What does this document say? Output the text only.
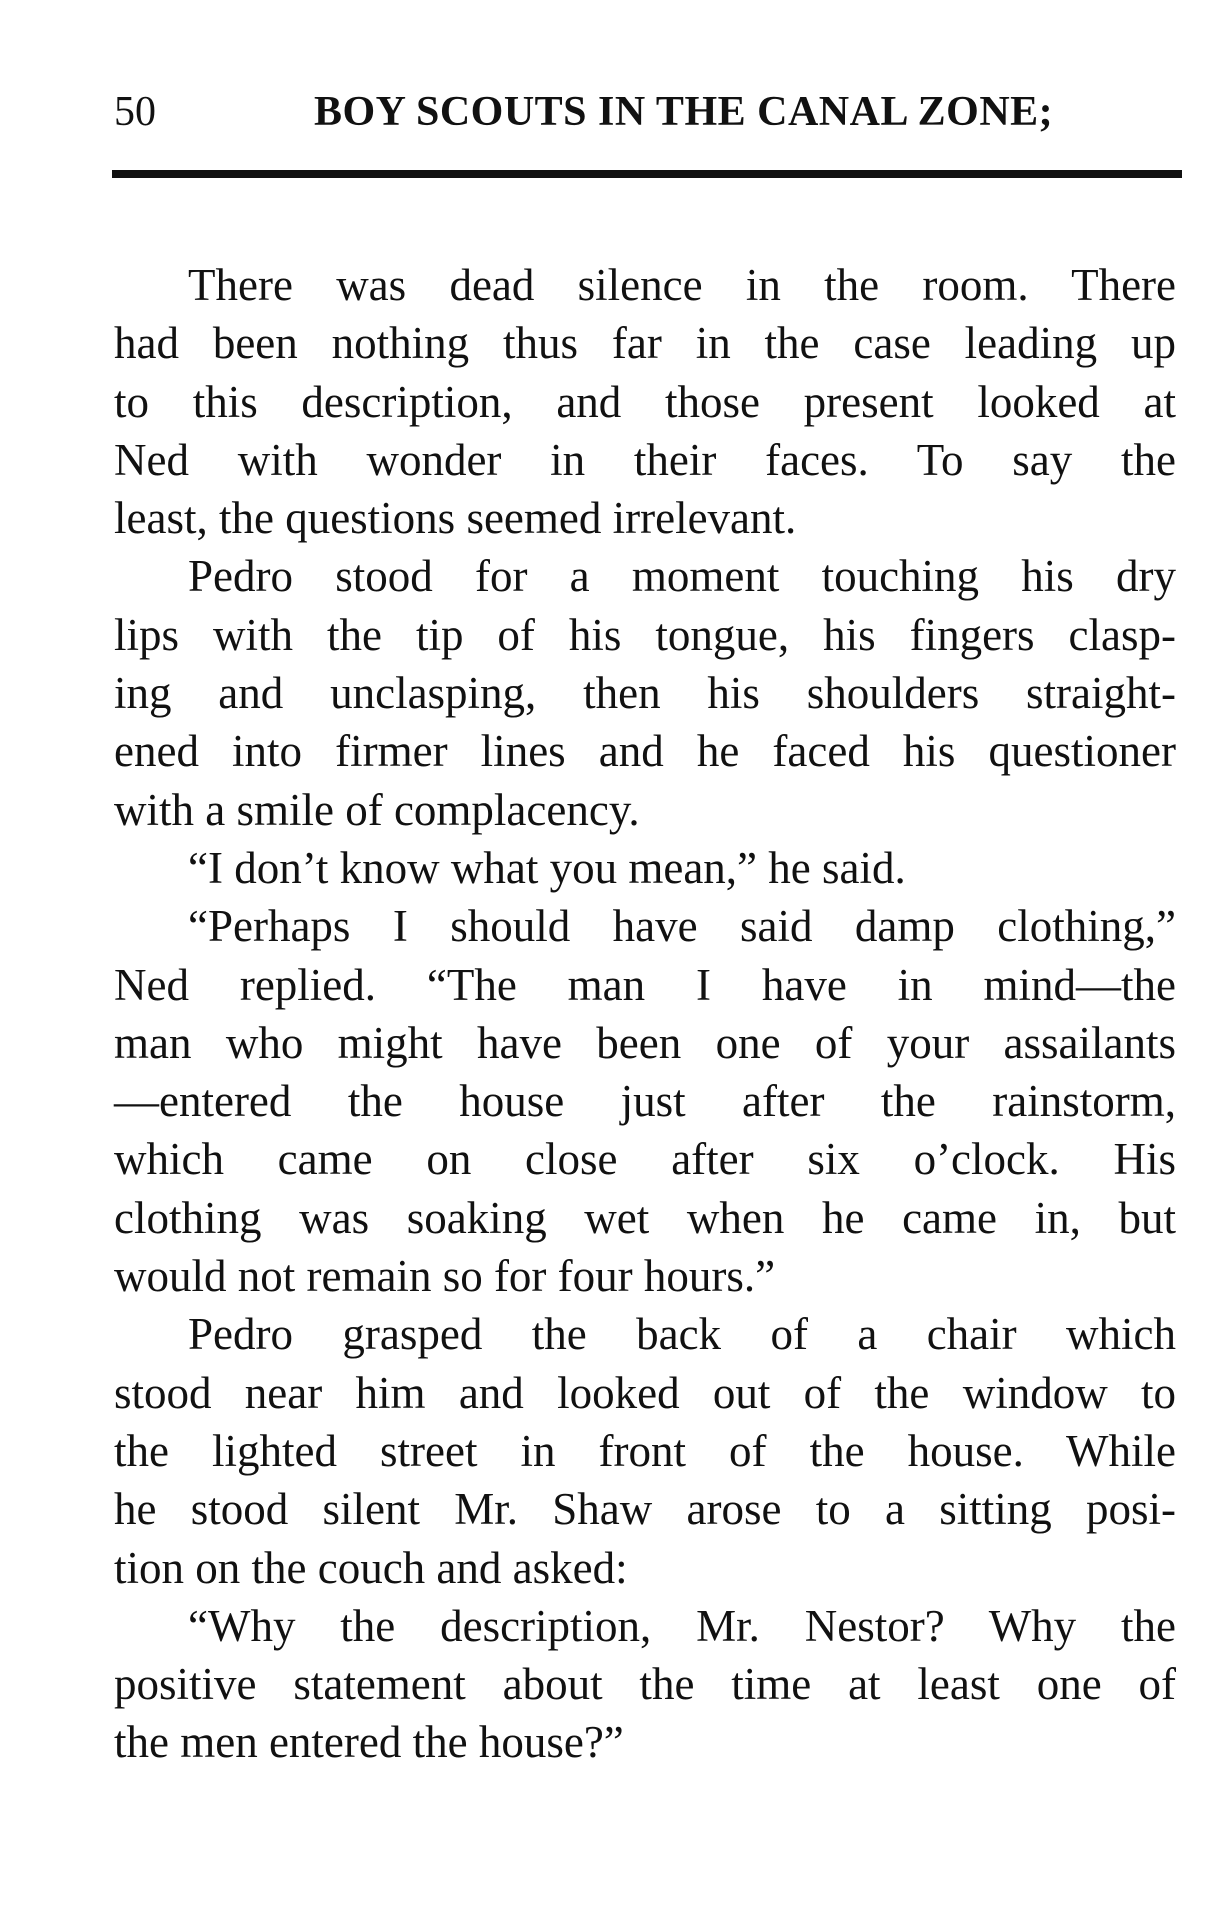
50	BOY SCOUTS IN THE CANAL ZONE;
There was dead silence in the room. There
had been nothing thus far in the case leading up
to this description, and those present looked at
Ned with wonder in their faces. To say the
least, the questions seemed irrelevant.
Pedro stood for a moment touching his dry
lips with the tip of his tongue, his fingers clasp-
ing and unclasping, then his shoulders straight-
ened into firmer lines and he faced his questioner
with a smile of complacency.
“I don’t know what you mean,” he said.
“Perhaps I should have said damp clothing,”
Ned replied. “The man I have in mind—the
man who might have been one of your assailants
—entered the house just after the rainstorm,
which came on close after six o’clock. His
clothing was soaking wet when he came in, but
would not remain so for four hours.”
Pedro grasped the back of a chair which
stood near him and looked out of the window to
the lighted street in front of the house. While
he stood silent Mr. Shaw arose to a sitting posi-
tion on the couch and asked:
“Why the description, Mr. Nestor? Why the
positive statement about the time at least one of
the men entered the house?”
